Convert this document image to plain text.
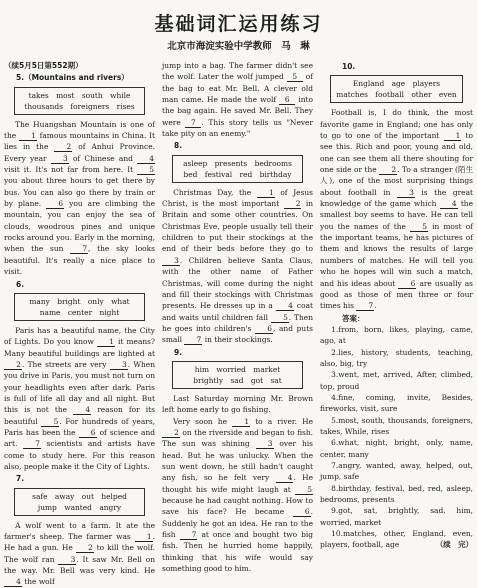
基础词汇运用练习
北京市海淀实验中学教师　马　琳
（续5月5日第552期）
5.（Mountains and rivers）
takes most south while thousands foreigners rises

The Huangshan Mountain is one of the 1 famous mountains in China. It lies in the 2 of Anhui Province. Every year 3 of Chinese and 4 visit it. It's not far from here. It 5 you about three hours to get there by bus. You can also go there by train or by plane. 6 you are climbing the mountain, you can enjoy the sea of clouds, woodrous pines and unique rocks around you. Early in the morning, when the sun 7, the sky looks beautiful. It's really a nice place to visit.

6.
many bright only what name center night

Paris has a beautiful name, the City of Lights. Do you know 1 it means? Many beautiful buildings are lighted at 2. The streets are very 3. When you drive in Paris, you must not turn on your headlights even after dark. Paris is full of life all day and all night. But this is not the 4 reason for its beautiful 5. For hundreds of years, Paris has been the 6 of science and art. 7 scientists and artists have come to study here. For this reason also, people make it the City of Lights.

7.
safe away out helped jump wanted angry

A wolf went to a farm. It ate the farmer's sheep. The farmer was 1. He had a gun. He 2 to kill the wolf. The wolf ran 3. It saw Mr. Bell on the way. Mr. Bell was very kind. He 4 the wolf

jump into a bag. The farmer didn't see the wolf. Later the wolf jumped 5 of the bag to eat Mr. Bell. A clever old man came. He made the wolf 6 into the bag again. He saved Mr. Bell. They were 7 . This story tells us "Never take pity on an enemy."

8.
asleep presents bedrooms bed festival red birthday

Christmas Day, the 1 of Jesus Christ, is the most important 2 in Britain and some other countries. On Christmas Eve, people usually tell their children to put their stockings at the end of their beds before they go to 3. Children believe Santa Claus, with the other name of Father Christmas, will come during the night and fill their stockings with Christmas presents. He dresses up in a 4 coat and waits until children fall 5. Then he goes into children's 6, and puts small 7 in their stockings.

9.
him worried market brightly sad got sat

Last Saturday morning Mr. Brown left home early to go fishing.

Very soon he 1 to a river. He 2 on the riverside and began to fish. The sun was shining 3 over his head. But he was unlucky. When the sun went down, he still hadn't caught any fish, so he felt very 4. He thought his wife might laugh at 5 because he had caught nothing. How to save his face? He became 6. Suddenly he got an idea. He ran to the fish 7 at once and bought two big fish. Then he hurried home happily, thinking that his wife would say something good to him.

10.
England age players matches football other even

Football is, I do think, the most favorite game in England; one has only to go to one of the important 1 to see this. Rich and poor, young and old, one can see them all there shouting for one side or the 2. To a stranger (陌生人), one of the most surprising things about football in 3 is the great knowledge of the game which 4 the smallest boy seems to have. He can tell you the names of the 5 in most of the important teams, he has pictures of them and knows the results of large numbers of matches. He will tell you who he hopes will win such a match, and his ideas about 6 are usually as good as those of men three or four times his 7.

答案：

1.from, born, likes, playing, came, ago, at

2.lies, history, students, teaching, also, big, try

3.went, met, arrived, After, climbed, top, proud

4.fine, coming, invite, Besides, fireworks, visit, sure

5.most, south, thousands, foreigners, takes, While, rises

6.what, night, bright, only, name, center, many

7.angry, wanted, away, helped, out, jump, safe

8.birthday, festival, bed, red, asleep, bedrooms, presents

9.got, sat, brightly, sad, him, worried, market

10.matches, other, England, even, players, football, age	（续　完）
